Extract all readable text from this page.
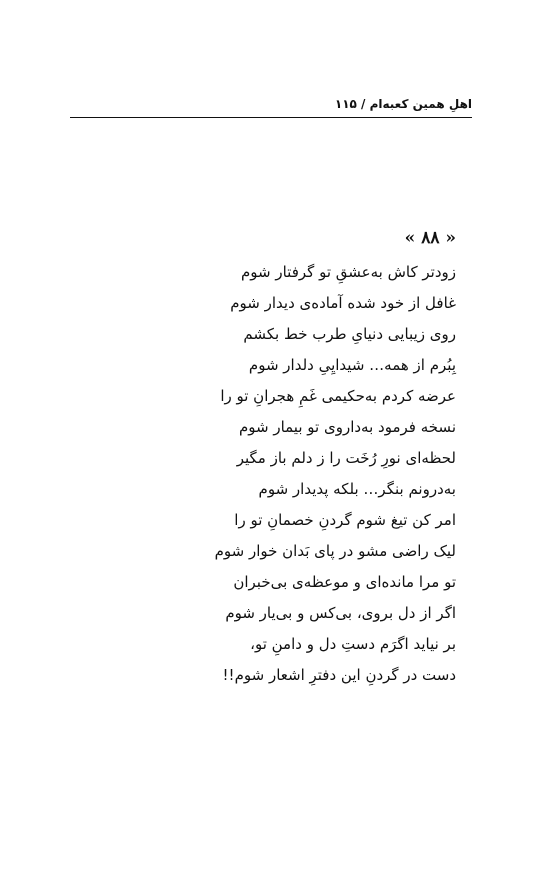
اهلِ همین کعبه‌ام / ۱۱۵
« ۸۸ »
زودتر کاش به‌عشقِ تو گرفتار شوم
غافل از خود شده آماده‌ی دیدار شوم
روی زیبایی دنیایِ طرب خط بکشم
بِبُرم از همه… شیدایِیِ دلدار شوم
عرضه کردم به‌حکیمی غَمِ هجرانِ تو را
نسخه فرمود به‌داروی تو بیمار شوم
لحظه‌ای نورِ رُخَت را ز دلم باز مگیر
به‌درونم بنگر… بلکه پدیدار شوم
امر کن تیغ شوم گردنِ خصمانِ تو را
لیک راضی مشو در پای بَدان خوار شوم
تو مرا مانده‌ای و موعظه‌ی بی‌خبران
اگر از دل بروی، بی‌کس و بی‌یار شوم
بر نیاید اگرَم دستِ دل و دامنِ تو،
دست در گردنِ این دفترِ اشعار شوم!!
